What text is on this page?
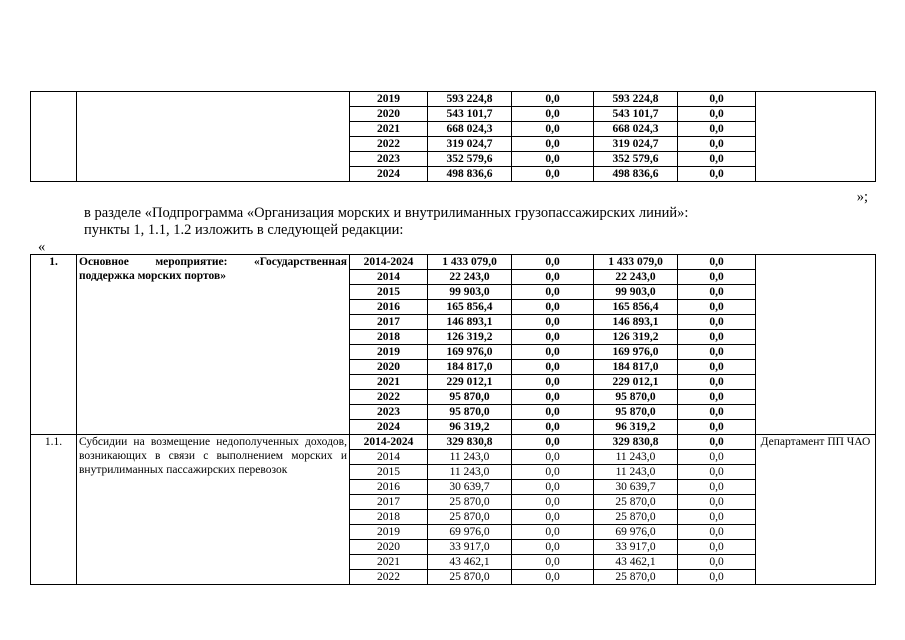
		2019	593 224,8	0,0	593 224,8	0,0	
		2020	543 101,7	0,0	543 101,7	0,0	
		2021	668 024,3	0,0	668 024,3	0,0	
		2022	319 024,7	0,0	319 024,7	0,0	
		2023	352 579,6	0,0	352 579,6	0,0	
		2024	498 836,6	0,0	498 836,6	0,0	
»;
в разделе «Подпрограмма «Организация морских и внутрилиманных грузопассажирских линий»:
пункты 1, 1.1, 1.2 изложить в следующей редакции:
«
1.	Основное мероприятие: «Государственная поддержка морских портов»	2014-2024	1 433 079,0	0,0	1 433 079,0	0,0	
		2014	22 243,0	0,0	22 243,0	0,0	
		2015	99 903,0	0,0	99 903,0	0,0	
		2016	165 856,4	0,0	165 856,4	0,0	
		2017	146 893,1	0,0	146 893,1	0,0	
		2018	126 319,2	0,0	126 319,2	0,0	
		2019	169 976,0	0,0	169 976,0	0,0	
		2020	184 817,0	0,0	184 817,0	0,0	
		2021	229 012,1	0,0	229 012,1	0,0	
		2022	95 870,0	0,0	95 870,0	0,0	
		2023	95 870,0	0,0	95 870,0	0,0	
		2024	96 319,2	0,0	96 319,2	0,0	
1.1.	Субсидии на возмещение недополученных доходов, возникающих в связи с выполнением морских и внутрилиманных пассажирских перевозок	2014-2024	329 830,8	0,0	329 830,8	0,0	Департамент ПП ЧАО
		2014	11 243,0	0,0	11 243,0	0,0	
		2015	11 243,0	0,0	11 243,0	0,0	
		2016	30 639,7	0,0	30 639,7	0,0	
		2017	25 870,0	0,0	25 870,0	0,0	
		2018	25 870,0	0,0	25 870,0	0,0	
		2019	69 976,0	0,0	69 976,0	0,0	
		2020	33 917,0	0,0	33 917,0	0,0	
		2021	43 462,1	0,0	43 462,1	0,0	
		2022	25 870,0	0,0	25 870,0	0,0	
